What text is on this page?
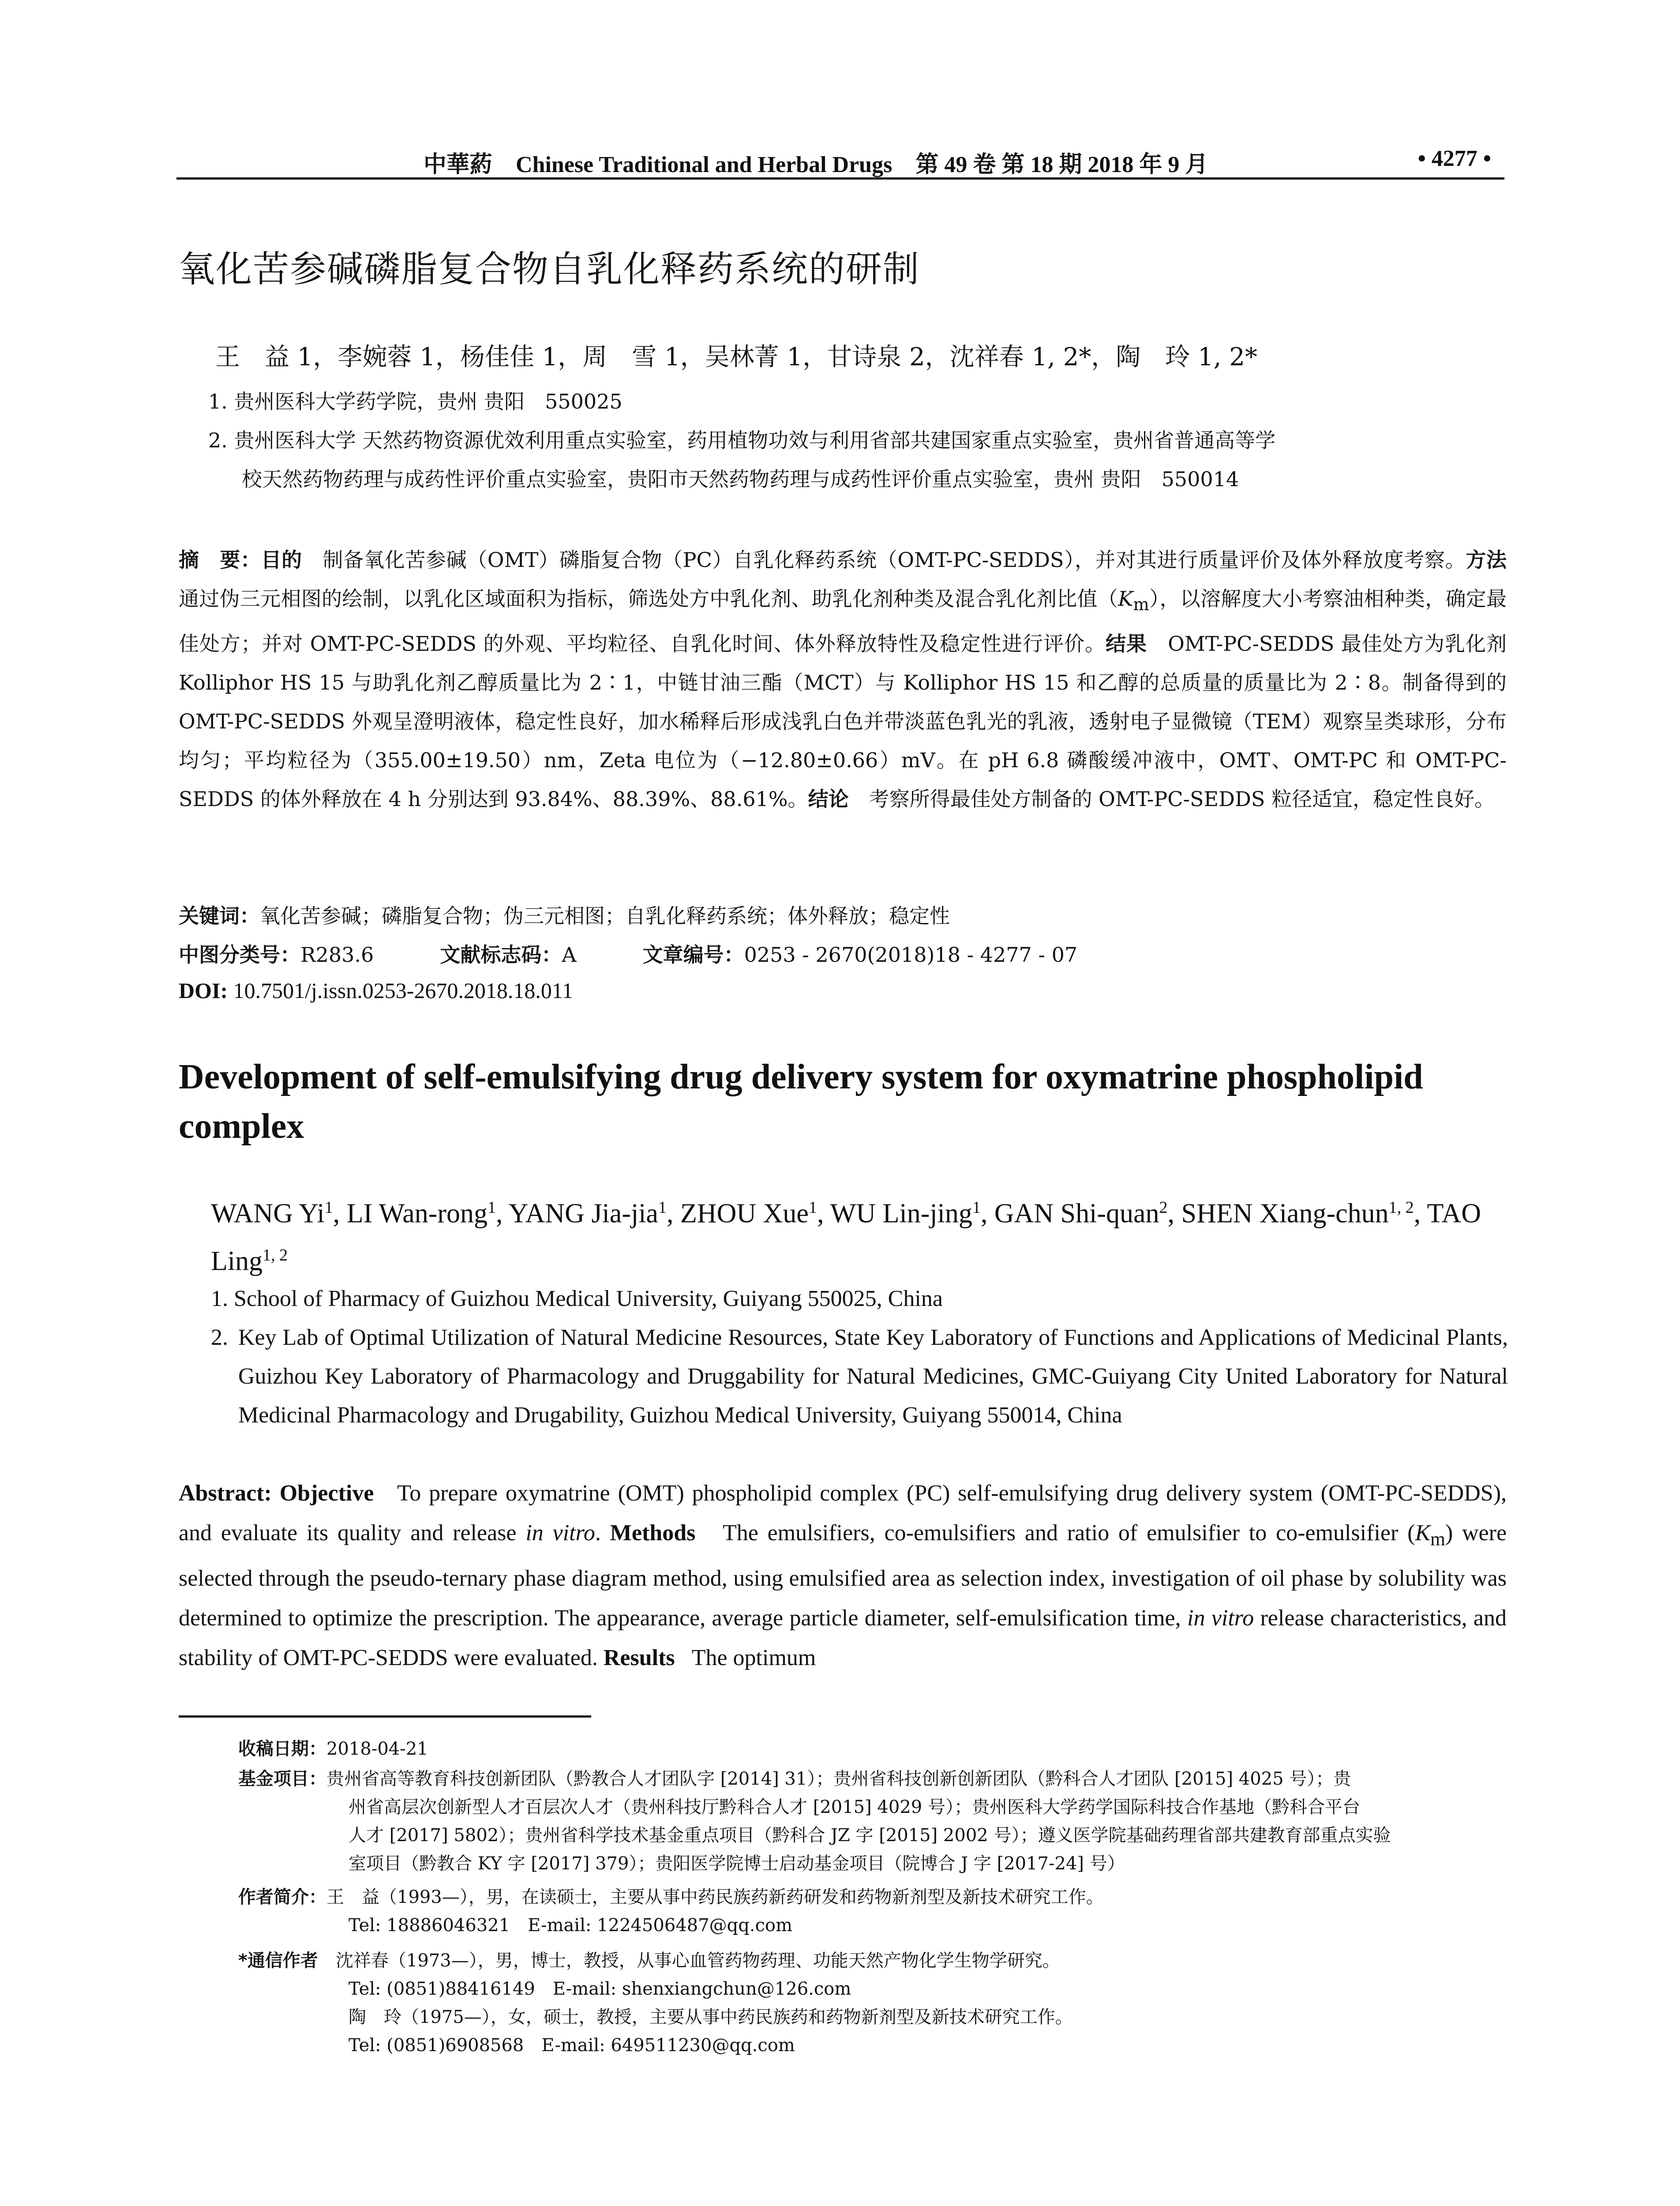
中華葯 Chinese Traditional and Herbal Drugs 第 49 卷 第 18 期 2018 年 9 月	• 4277 •
氧化苦参碱磷脂复合物自乳化释药系统的研制
王　益 1，李婉蓉 1，杨佳佳 1，周　雪 1，吴林菁 1，甘诗泉 2，沈祥春 1, 2*，陶　玲 1, 2*
1. 贵州医科大学药学院，贵州 贵阳　550025
2. 贵州医科大学 天然药物资源优效利用重点实验室，药用植物功效与利用省部共建国家重点实验室，贵州省普通高等学
校天然药物药理与成药性评价重点实验室，贵阳市天然药物药理与成药性评价重点实验室，贵州 贵阳　550014
摘　要：目的　 制备氧化苦参碱（OMT）磷脂复合物（PC）自乳化释药系统（OMT-PC-SEDDS），并对其进行质量评价及体外释放度考察。方法　通过伪三元相图的绘制，以乳化区域面积为指标，筛选处方中乳化剂、助乳化剂种类及混合乳化剂比值$(K_m)$，以溶解度大小考察油相种类，确定最佳处方；并对 OMT-PC-SEDDS 的外观、平均粒径、自乳化时间、体外释放特性及稳定性进行评价。结果　 OMT-PC-SEDDS 最佳处方为乳化剂 Kolliphor HS 15 与助乳化剂乙醇质量比为 2∶1，中链甘油三酯（MCT）与 Kolliphor HS 15 和乙醇的总质量的质量比为 2∶8。制备得到的 OMT-PC-SEDDS 外观呈澄明液体，稳定性良好，加水稀释后形成浅乳白色并带淡蓝色乳光的乳液，透射电子显微镜（TEM）观察呈类球形，分布均匀；平均粒径为（355.00±19.50）nm，Zeta 电位为（−12.80±0.66）mV。在 pH 6.8 磷酸缓冲液中，OMT、OMT-PC 和 OMT-PC-SEDDS 的体外释放在 4 h 分别达到 93.84%、88.39%、88.61%。结论　 考察所得最佳处方制备的 OMT-PC-SEDDS 粒径适宜，稳定性良好。
关键词：氧化苦参碱；磷脂复合物；伪三元相图；自乳化释药系统；体外释放；稳定性
中图分类号：R283.6	文献标志码：A	文章编号：0253 - 2670(2018)18 - 4277 - 07
DOI: 10.7501/j.issn.0253-2670.2018.18.011
Development of self-emulsifying drug delivery system for oxymatrine phospholipid complex
WANG Yi$^1$, LI Wan-rong$^1$, YANG Jia-jia$^1$, ZHOU Xue$^1$, WU Lin-jing$^1$, GAN Shi-quan$^2$, SHEN Xiang-chun$^{1, 2}$, TAO Ling$^{1, 2}$
1. School of Pharmacy of Guizhou Medical University, Guiyang 550025, China
2. Key Lab of Optimal Utilization of Natural Medicine Resources, State Key Laboratory of Functions and Applications of Medicinal Plants, Guizhou Key Laboratory of Pharmacology and Druggability for Natural Medicines, GMC-Guiyang City United Laboratory for Natural Medicinal Pharmacology and Drugability, Guizhou Medical University, Guiyang 550014, China
Abstract: Objective To prepare oxymatrine (OMT) phospholipid complex (PC) self-emulsifying drug delivery system (OMT-PC-SEDDS), and evaluate its quality and release in vitro. Methods The emulsifiers, co-emulsifiers and ratio of emulsifier to co-emulsifier $(K_m)$ were selected through the pseudo-ternary phase diagram method, using emulsified area as selection index, investigation of oil phase by solubility was determined to optimize the prescription. The appearance, average particle diameter, self-emulsification time, in vitro release characteristics, and stability of OMT-PC-SEDDS were evaluated. Results The optimum
收稿日期：2018-04-21
基金项目：贵州省高等教育科技创新团队（黔教合人才团队字 [2014] 31）；贵州省科技创新创新团队（黔科合人才团队 [2015] 4025 号）；贵
州省高层次创新型人才百层次人才（贵州科技厅黔科合人才 [2015] 4029 号）；贵州医科大学药学国际科技合作基地（黔科合平台
人才 [2017] 5802）；贵州省科学技术基金重点项目（黔科合 JZ 字 [2015] 2002 号）；遵义医学院基础药理省部共建教育部重点实验
室项目（黔教合 KY 字 [2017] 379）；贵阳医学院博士启动基金项目（院博合 J 字 [2017-24] 号）
作者简介：王　益（1993—），男，在读硕士，主要从事中药民族药新药研发和药物新剂型及新技术研究工作。
Tel: 18886046321　E-mail: 1224506487@qq.com
*通信作者　 沈祥春（1973—），男，博士，教授，从事心血管药物药理、功能天然产物化学生物学研究。
Tel: (0851)88416149　E-mail: shenxiangchun@126.com
陶　玲（1975—），女，硕士，教授，主要从事中药民族药和药物新剂型及新技术研究工作。
Tel: (0851)6908568　E-mail: 649511230@qq.com
